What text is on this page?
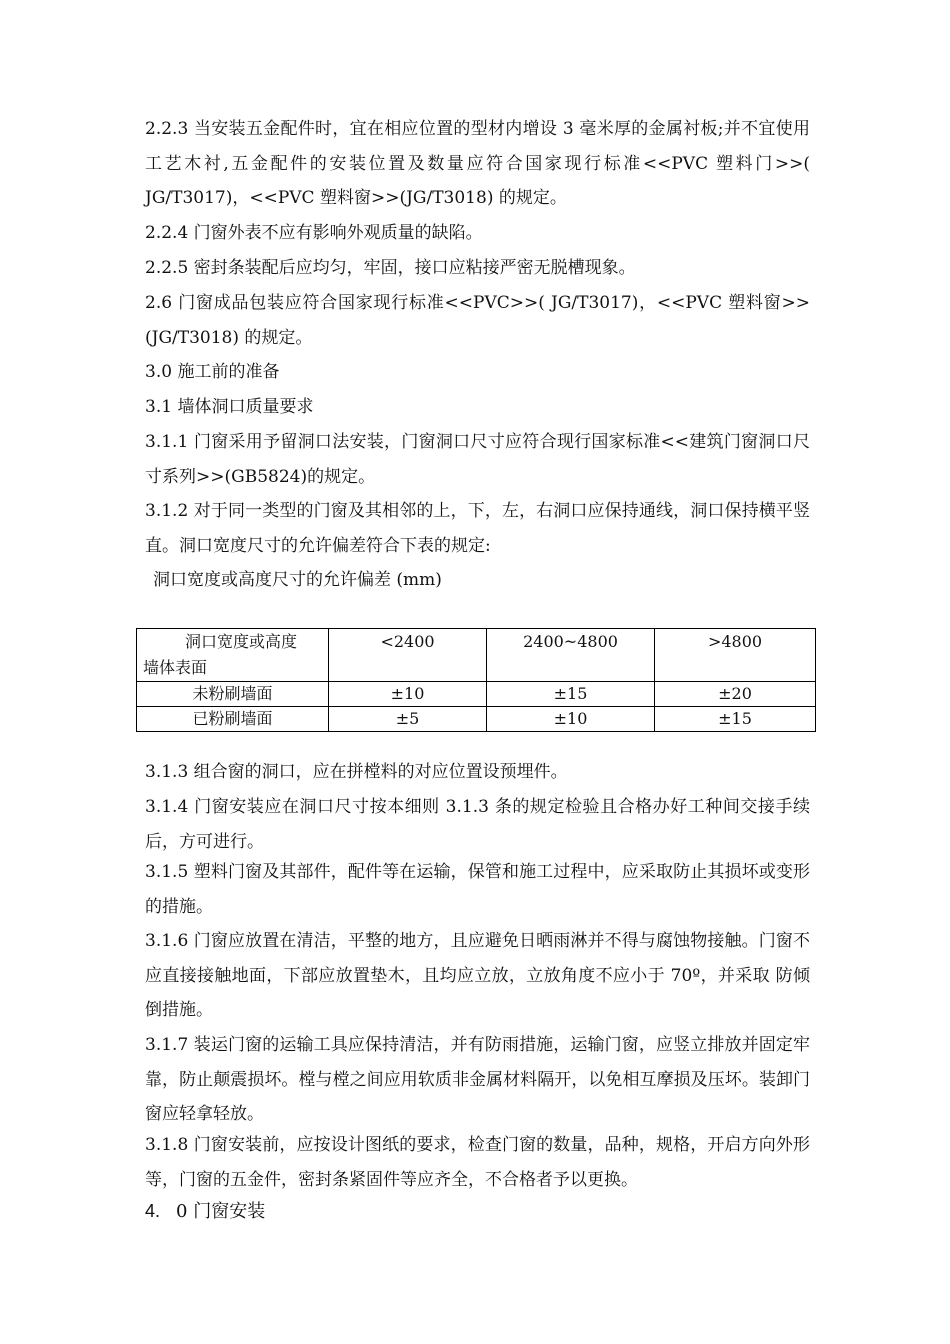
2.2.3 当安装五金配件时，宜在相应位置的型材内增设 3 毫米厚的金属衬板;并不宜使用工艺木衬,五金配件的安装位置及数量应符合国家现行标准<<PVC 塑料门>>( JG/T3017)，<<PVC 塑料窗>>(JG/T3018) 的规定。

2.2.4 门窗外表不应有影响外观质量的缺陷。

2.2.5 密封条装配后应均匀，牢固，接口应粘接严密无脱槽现象。

2.6 门窗成品包装应符合国家现行标准<<PVC>>( JG/T3017)，<<PVC 塑料窗>>(JG/T3018) 的规定。

3.0 施工前的准备

3.1 墙体洞口质量要求

3.1.1 门窗采用予留洞口法安装，门窗洞口尺寸应符合现行国家标准<<建筑门窗洞口尺寸系列>>(GB5824)的规定。

3.1.2 对于同一类型的门窗及其相邻的上，下，左，右洞口应保持通线，洞口保持横平竖直。洞口宽度尺寸的允许偏差符合下表的规定:

洞口宽度或高度尺寸的允许偏差 (mm)

洞口宽度或高度
墙体表面	<2400	2400~4800	>4800
未粉刷墙面	±10	±15	±20
已粉刷墙面	±5	±10	±15

3.1.3 组合窗的洞口，应在拼樘料的对应位置设预埋件。

3.1.4 门窗安装应在洞口尺寸按本细则 3.1.3 条的规定检验且合格办好工种间交接手续后，方可进行。

3.1.5 塑料门窗及其部件，配件等在运输，保管和施工过程中，应采取防止其损坏或变形的措施。

3.1.6 门窗应放置在清洁，平整的地方，且应避免日晒雨淋并不得与腐蚀物接触。门窗不应直接接触地面，下部应放置垫木，且均应立放，立放角度不应小于 70º，并采取 防倾倒措施。

3.1.7 装运门窗的运输工具应保持清洁，并有防雨措施，运输门窗，应竖立排放并固定牢靠，防止颠震损坏。樘与樘之间应用软质非金属材料隔开，以免相互摩损及压坏。装卸门窗应轻拿轻放。

3.1.8 门窗安装前，应按设计图纸的要求，检查门窗的数量，品种，规格，开启方向外形等，门窗的五金件，密封条紧固件等应齐全，不合格者予以更换。

4. 0 门窗安装
